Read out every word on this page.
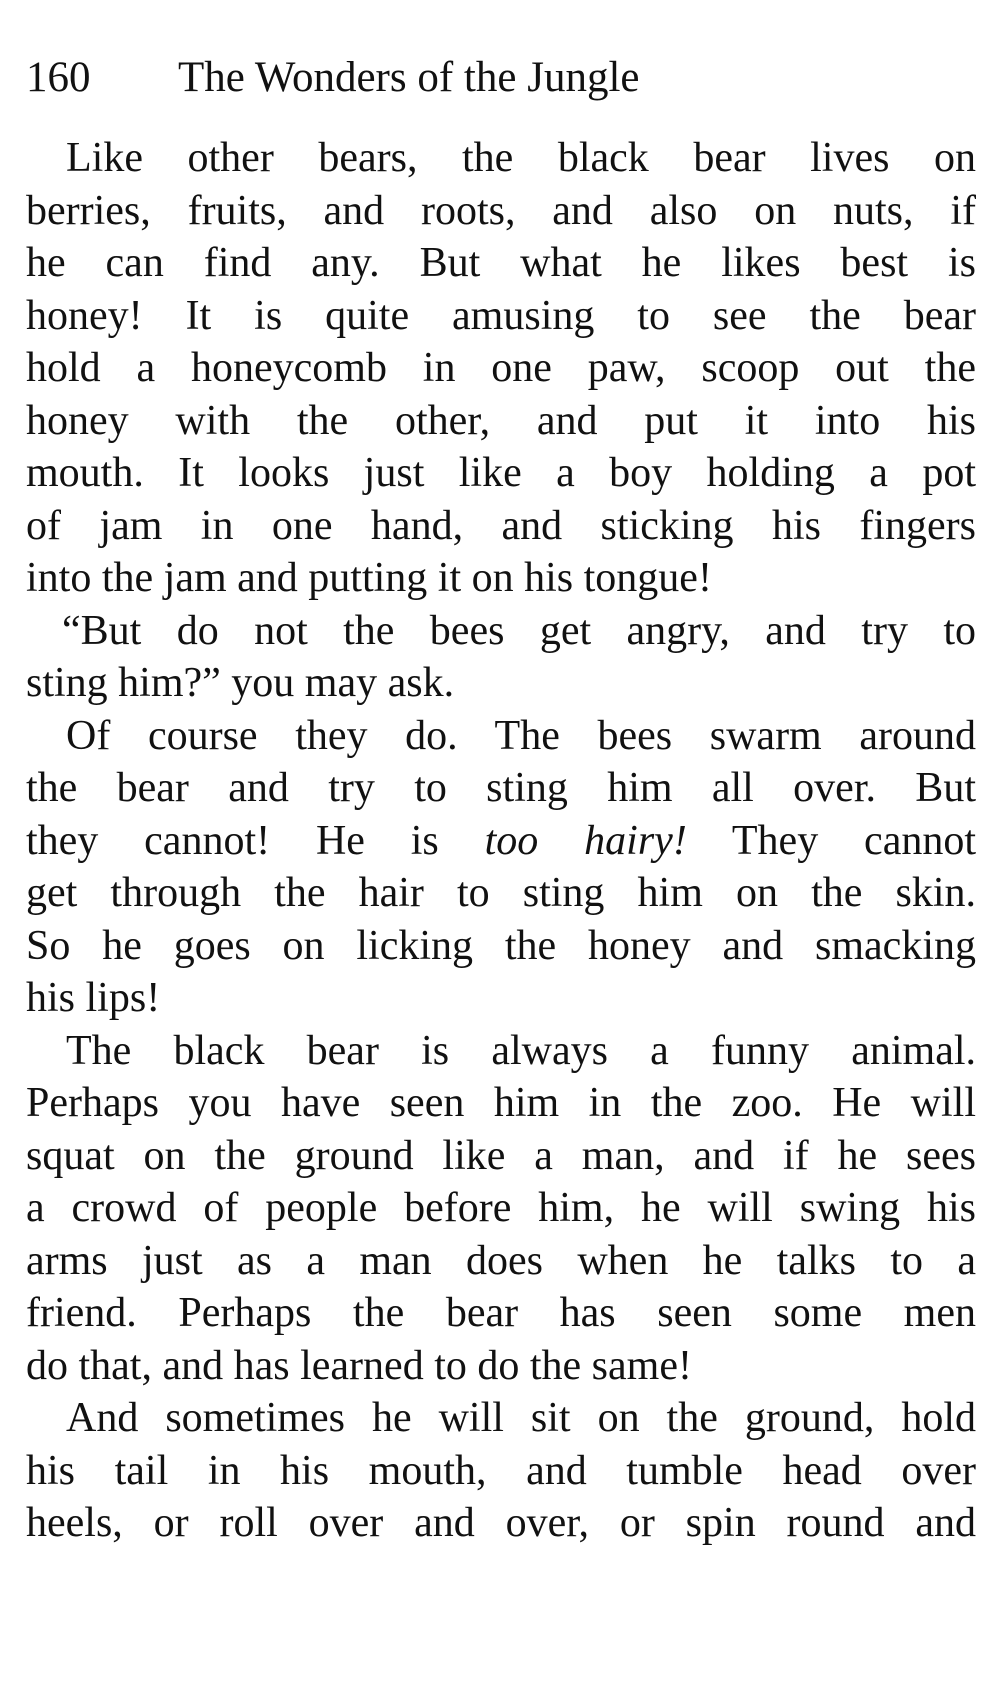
160 The Wonders of the Jungle
Like other bears, the black bear lives on
berries, fruits, and roots, and also on nuts, if
he can find any. But what he likes best is
honey! It is quite amusing to see the bear
hold a honeycomb in one paw, scoop out the
honey with the other, and put it into his
mouth. It looks just like a boy holding a pot
of jam in one hand, and sticking his fingers
into the jam and putting it on his tongue!
“But do not the bees get angry, and try to
sting him?” you may ask.
Of course they do. The bees swarm around
the bear and try to sting him all over. But
they cannot! He is too hairy! They cannot
get through the hair to sting him on the skin.
So he goes on licking the honey and smacking
his lips!
The black bear is always a funny animal.
Perhaps you have seen him in the zoo. He will
squat on the ground like a man, and if he sees
a crowd of people before him, he will swing his
arms just as a man does when he talks to a
friend. Perhaps the bear has seen some men
do that, and has learned to do the same!
And sometimes he will sit on the ground, hold
his tail in his mouth, and tumble head over
heels, or roll over and over, or spin round and
